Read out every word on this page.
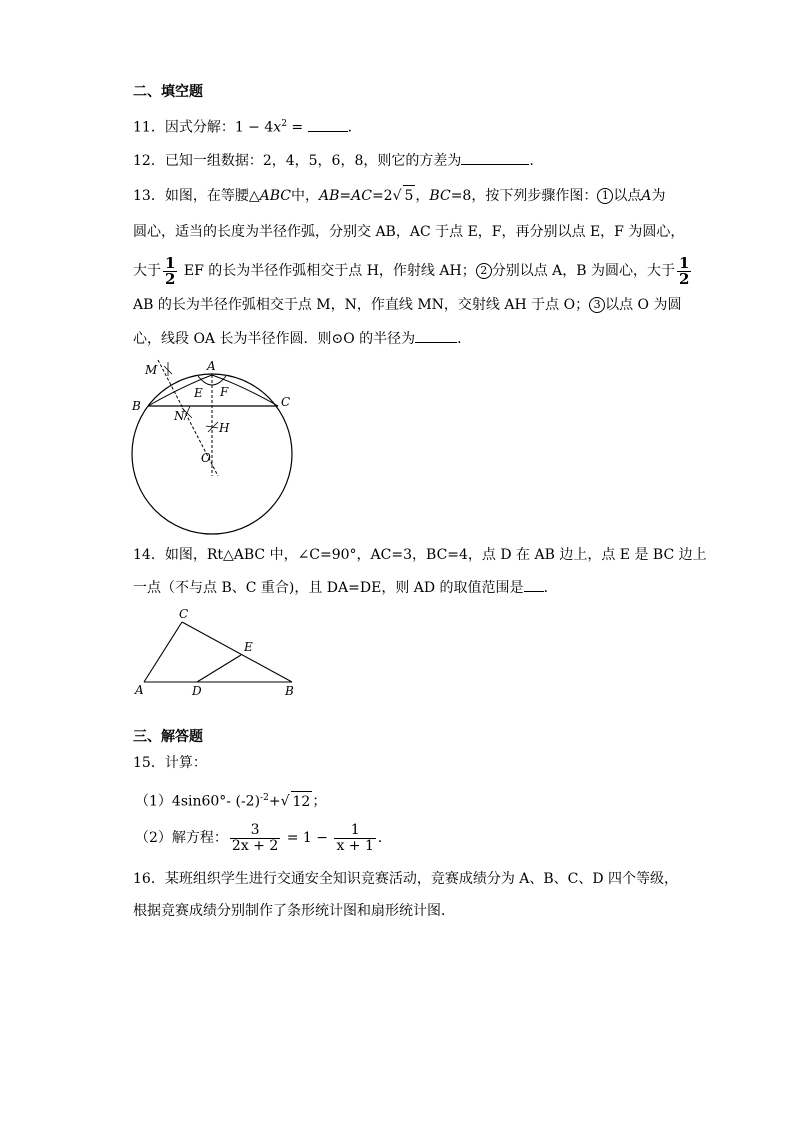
二、填空题
11．因式分解：$1 - 4x^2$ =	．
12．已知一组数据：2，4，5，6，8，则它的方差为	.
13．如图，在等腰△ABC中，AB=AC=2√ 5 ，BC=8，按下列步骤作图： 1 以点A为
圆心，适当的长度为半径作弧，分别交 AB，AC 于点 E，F，再分别以点 E，F 为圆心，
大于 $\frac{1}{2}$ EF 的长为半径作弧相交于点 H，作射线 AH； 2 分别以点 A，B 为圆心，大于 $\frac{1}{2}$
AB 的长为半径作弧相交于点 M，N，作直线 MN，交射线 AH 于点 O； 3 以点 O 为圆
心，线段 OA 长为半径作圆．则⊙O 的半径为	．
M	A
E F
B	C
N
H
O
14．如图，Rt△ABC 中，∠C=90°，AC=3，BC=4，点 D 在 AB 边上，点 E 是 BC 边上
一点（不与点 B、C 重合)，且 DA=DE，则 AD 的取值范围是 ．
C
E
A	D	B
三、解答题
15．计算：
（1）4sin60°- $(-2)^{-2}+√$ 12 ；
（2）解方程： $\frac{3}{2x + 2} = 1 - \frac{1}{x + 1}$ ．
16．某班组织学生进行交通安全知识竞赛活动，竞赛成绩分为 A、B、C、D 四个等级，
根据竞赛成绩分别制作了条形统计图和扇形统计图．
